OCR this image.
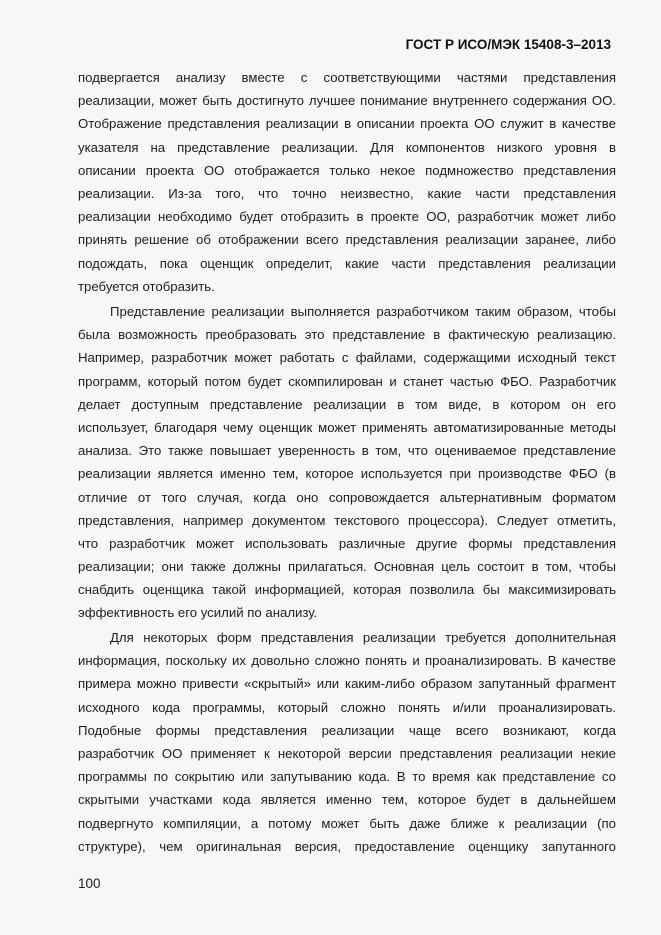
ГОСТ Р ИСО/МЭК 15408-3–2013
подвергается анализу вместе с соответствующими частями представления
реализации, может быть достигнуто лучшее понимание внутреннего содержания ОО.
Отображение представления реализации в описании проекта ОО служит в качестве
указателя на представление реализации. Для компонентов низкого уровня в
описании проекта ОО отображается только некое подмножество представления
реализации. Из-за того, что точно неизвестно, какие части представления
реализации необходимо будет отобразить в проекте ОО, разработчик может либо
принять решение об отображении всего представления реализации заранее, либо
подождать, пока оценщик определит, какие части представления реализации
требуется отобразить.
Представление реализации выполняется разработчиком таким образом, чтобы
была возможность преобразовать это представление в фактическую реализацию.
Например, разработчик может работать с файлами, содержащими исходный текст
программ, который потом будет скомпилирован и станет частью ФБО. Разработчик
делает доступным представление реализации в том виде, в котором он его
использует, благодаря чему оценщик может применять автоматизированные методы
анализа. Это также повышает уверенность в том, что оцениваемое представление
реализации является именно тем, которое используется при производстве ФБО (в
отличие от того случая, когда оно сопровождается альтернативным форматом
представления, например документом текстового процессора). Следует отметить,
что разработчик может использовать различные другие формы представления
реализации; они также должны прилагаться. Основная цель состоит в том, чтобы
снабдить оценщика такой информацией, которая позволила бы максимизировать
эффективность его усилий по анализу.
Для некоторых форм представления реализации требуется дополнительная
информация, поскольку их довольно сложно понять и проанализировать. В качестве
примера можно привести «скрытый» или каким-либо образом запутанный фрагмент
исходного кода программы, который сложно понять и/или проанализировать.
Подобные формы представления реализации чаще всего возникают, когда
разработчик ОО применяет к некоторой версии представления реализации некие
программы по сокрытию или запутыванию кода. В то время как представление со
скрытыми участками кода является именно тем, которое будет в дальнейшем
подвергнуто компиляции, а потому может быть даже ближе к реализации (по
структуре), чем оригинальная версия, предоставление оценщику запутанного
100
